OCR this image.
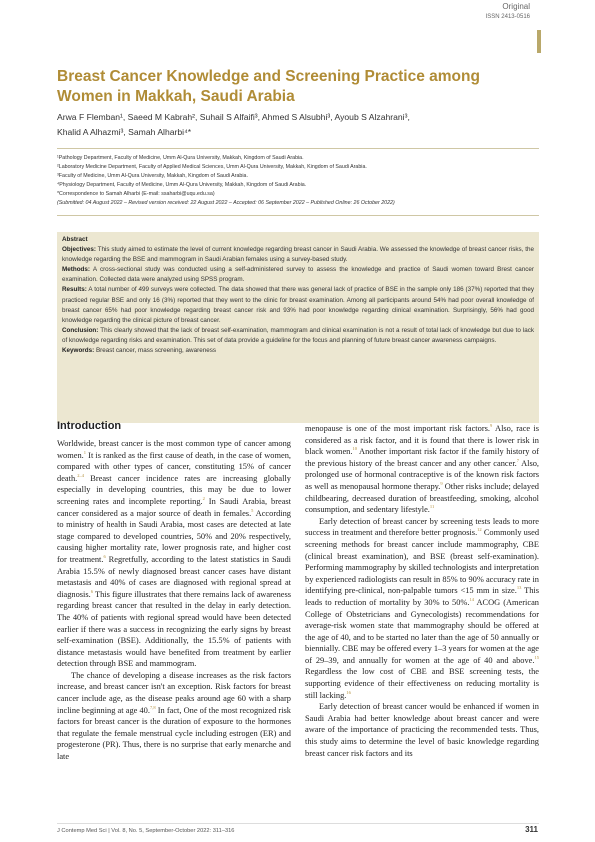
Original
ISSN 2413-0516
Breast Cancer Knowledge and Screening Practice among Women in Makkah, Saudi Arabia
Arwa F Flemban¹, Saeed M Kabrah², Suhail S Alfaifi³, Ahmed S Alsubhi³, Ayoub S Alzahrani³,
Khalid A Alhazmi³, Samah Alharbi⁴*
¹Pathology Department, Faculty of Medicine, Umm Al-Qura University, Makkah, Kingdom of Saudi Arabia.
²Laboratory Medicine Department, Faculty of Applied Medical Sciences, Umm Al-Qura University, Makkah, Kingdom of Saudi Arabia.
³Faculty of Medicine, Umm Al-Qura University, Makkah, Kingdom of Saudi Arabia.
⁴Physiology Department, Faculty of Medicine, Umm Al-Qura University, Makkah, Kingdom of Saudi Arabia.
*Correspondence to Samah Alharbi (E-mail: ssaharbi@uqu.edu.sa)
(Submitted: 04 August 2022 – Revised version received: 22 August 2022 – Accepted: 06 September 2022 – Published Online: 26 October 2022)

Abstract

Objectives: This study aimed to estimate the level of current knowledge regarding breast cancer in Saudi Arabia. We assessed the knowledge of breast cancer risks, the knowledge regarding the BSE and mammogram in Saudi Arabian females using a survey-based study.

Methods: A cross-sectional study was conducted using a self-administered survey to assess the knowledge and practice of Saudi women toward Brest cancer examination. Collected data were analyzed using SPSS program.

Results: A total number of 499 surveys were collected. The data showed that there was general lack of practice of BSE in the sample only 186 (37%) reported that they practiced regular BSE and only 16 (3%) reported that they went to the clinic for breast examination. Among all participants around 54% had poor overall knowledge of breast cancer 65% had poor knowledge regarding breast cancer risk and 93% had poor knowledge regarding clinical examination. Surprisingly, 56% had good knowledge regarding the clinical picture of breast cancer.

Conclusion: This clearly showed that the lack of breast self-examination, mammogram and clinical examination is not a result of total lack of knowledge but due to lack of knowledge regarding risks and examination. This set of data provide a guideline for the focus and planning of future breast cancer awareness campaigns.

Keywords: Breast cancer, mass screening, awareness

Introduction

Worldwide, breast cancer is the most common type of cancer among women.$^1$ It is ranked as the first cause of death, in the case of women, compared with other types of cancer, constituting 15% of cancer death.$^{2-4}$ Breast cancer incidence rates are increasing globally especially in developing countries, this may be due to lower screening rates and incomplete reporting.$^2$ In Saudi Arabia, breast cancer considered as a major source of death in females.$^5$ According to ministry of health in Saudi Arabia, most cases are detected at late stage compared to developed countries, 50% and 20% respectively, causing higher mortality rate, lower prognosis rate, and higher cost for treatment.$^6$ Regretfully, according to the latest statistics in Saudi Arabia 15.5% of newly diagnosed breast cancer cases have distant metastasis and 40% of cases are diagnosed with regional spread at diagnosis.$^6$ This figure illustrates that there remains lack of awareness regarding breast cancer that resulted in the delay in early detection. The 40% of patients with regional spread would have been detected earlier if there was a success in recognizing the early signs by breast self-examination (BSE). Additionally, the 15.5% of patients with distance metastasis would have benefited from treatment by earlier detection through BSE and mammogram.

The chance of developing a disease increases as the risk factors increase, and breast cancer isn't an exception. Risk factors for breast cancer include age, as the disease peaks around age 60 with a sharp incline beginning at age 40.$^{7,8}$ In fact, One of the most recognized risk factors for breast cancer is the duration of exposure to the hormones that regulate the female menstrual cycle including estrogen (ER) and progesterone (PR). Thus, there is no surprise that early menarche and late

menopause is one of the most important risk factors.$^9$ Also, race is considered as a risk factor, and it is found that there is lower risk in black women.$^{10}$ Another important risk factor if the family history of the previous history of the breast cancer and any other cancer.$^7$ Also, prolonged use of hormonal contraceptive is of the known risk factors as well as menopausal hormone therapy.$^9$ Other risks include; delayed childbearing, decreased duration of breastfeeding, smoking, alcohol consumption, and sedentary lifestyle.$^{11}$

Early detection of breast cancer by screening tests leads to more success in treatment and therefore better prognosis.$^{12}$ Commonly used screening methods for breast cancer include mammography, CBE (clinical breast examination), and BSE (breast self-examination). Performing mammography by skilled technologists and interpretation by experienced radiologists can result in 85% to 90% accuracy rate in identifying pre-clinical, non-palpable tumors <15 mm in size.$^{13}$ This leads to reduction of mortality by 30% to 50%.$^{14}$ ACOG (American College of Obstetricians and Gynecologists) recommendations for average-risk women state that mammography should be offered at the age of 40, and to be started no later than the age of 50 annually or biennially. CBE may be offered every 1–3 years for women at the age of 29–39, and annually for women at the age of 40 and above.$^{15}$ Regardless the low cost of CBE and BSE screening tests, the supporting evidence of their effectiveness on reducing mortality is still lacking.$^{16}$

Early detection of breast cancer would be enhanced if women in Saudi Arabia had better knowledge about breast cancer and were aware of the importance of practicing the recommended tests. Thus, this study aims to determine the level of basic knowledge regarding breast cancer risk factors and its

J Contemp Med Sci | Vol. 8, No. 5, September-October 2022: 311–316	311
